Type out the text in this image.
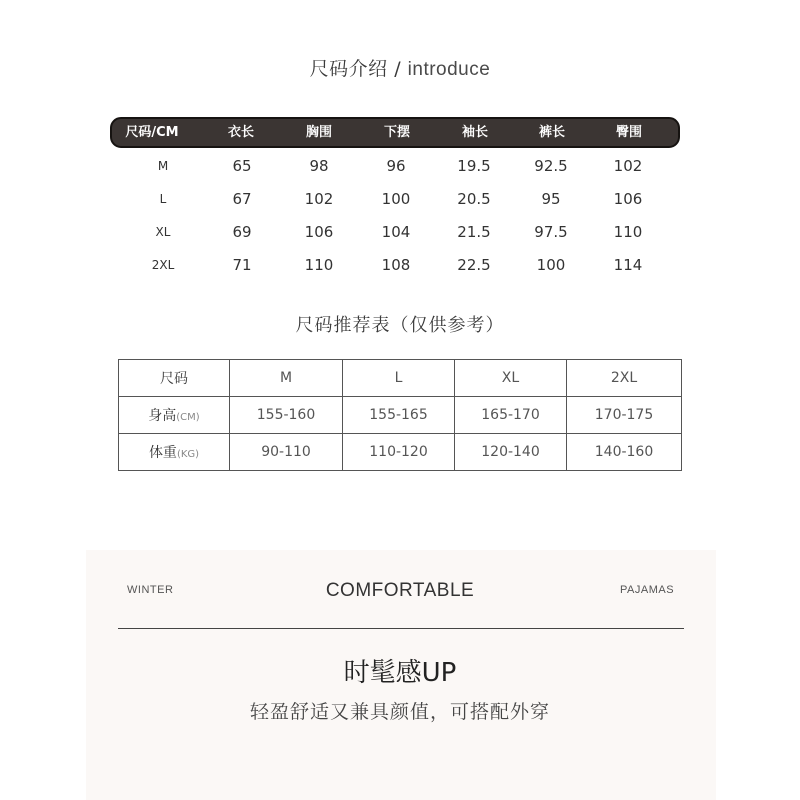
尺码介绍 / introduce
尺码/CM	衣长	胸围	下摆	袖长	裤长	臀围
M	65	98	96	19.5	92.5	102
L	67	102	100	20.5	95	106
XL	69	106	104	21.5	97.5	110
2XL	71	110	108	22.5	100	114
尺码推荐表（仅供参考）
尺码	M	L	XL	2XL
身高(CM)	155-160	155-165	165-170	170-175
体重(KG)	90-110	110-120	120-140	140-160
WINTER	COMFORTABLE	PAJAMAS
时髦感UP
轻盈舒适又兼具颜值，可搭配外穿
